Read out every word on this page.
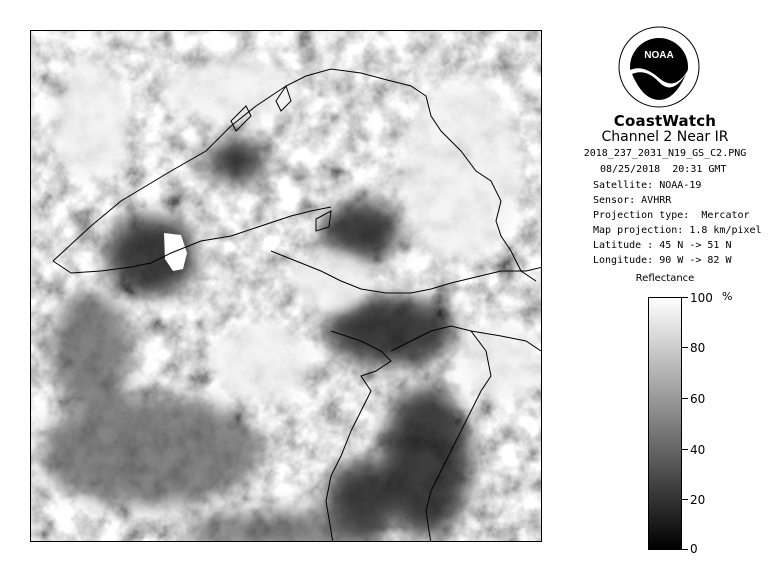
NOAA
CoastWatch
Channel 2 Near IR
2018_237_2031_N19_GS_C2.PNG
08/25/2018 20:31 GMT
Satellite: NOAA-19
Sensor: AVHRR
Projection type:  Mercator
Map projection: 1.8 km/pixel
Latitude : 45 N -> 51 N
Longitude: 90 W -> 82 W
Reflectance
%
100
80
60
40
20
0
